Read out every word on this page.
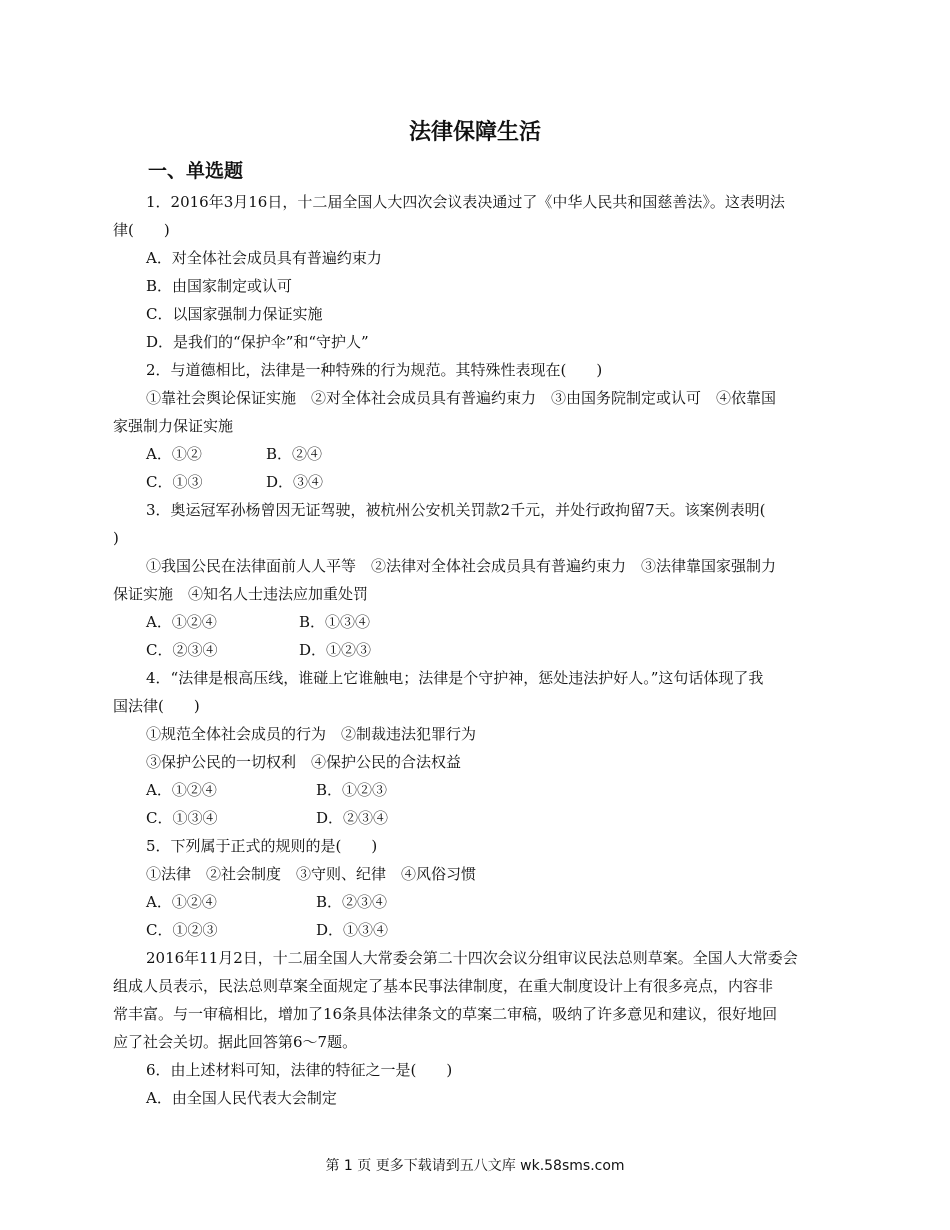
法律保障生活
一、单选题
1．2016年3月16日，十二届全国人大四次会议表决通过了《中华人民共和国慈善法》。这表明法
律(　　)
A．对全体社会成员具有普遍约束力
B．由国家制定或认可
C．以国家强制力保证实施
D．是我们的“保护伞”和“守护人”
2．与道德相比，法律是一种特殊的行为规范。其特殊性表现在(　　)
①靠社会舆论保证实施　②对全体社会成员具有普遍约束力　③由国务院制定或认可　④依靠国
家强制力保证实施
A．①②	B．②④
C．①③	D．③④
3．奥运冠军孙杨曾因无证驾驶，被杭州公安机关罚款2千元，并处行政拘留7天。该案例表明(
)
①我国公民在法律面前人人平等　②法律对全体社会成员具有普遍约束力　③法律靠国家强制力
保证实施　④知名人士违法应加重处罚
A．①②④	B．①③④
C．②③④	D．①②③
4．“法律是根高压线，谁碰上它谁触电；法律是个守护神，惩处违法护好人。”这句话体现了我
国法律(　　)
①规范全体社会成员的行为　②制裁违法犯罪行为
③保护公民的一切权利　④保护公民的合法权益
A．①②④	B．①②③
C．①③④	D．②③④
5．下列属于正式的规则的是(　　)
①法律　②社会制度　③守则、纪律　④风俗习惯
A．①②④	B．②③④
C．①②③	D．①③④
2016年11月2日，十二届全国人大常委会第二十四次会议分组审议民法总则草案。全国人大常委会
组成人员表示，民法总则草案全面规定了基本民事法律制度，在重大制度设计上有很多亮点，内容非
常丰富。与一审稿相比，增加了16条具体法律条文的草案二审稿，吸纳了许多意见和建议，很好地回
应了社会关切。据此回答第6～7题。
6．由上述材料可知，法律的特征之一是(　　)
A．由全国人民代表大会制定
第 1 页 更多下载请到五八文库 wk.58sms.com
